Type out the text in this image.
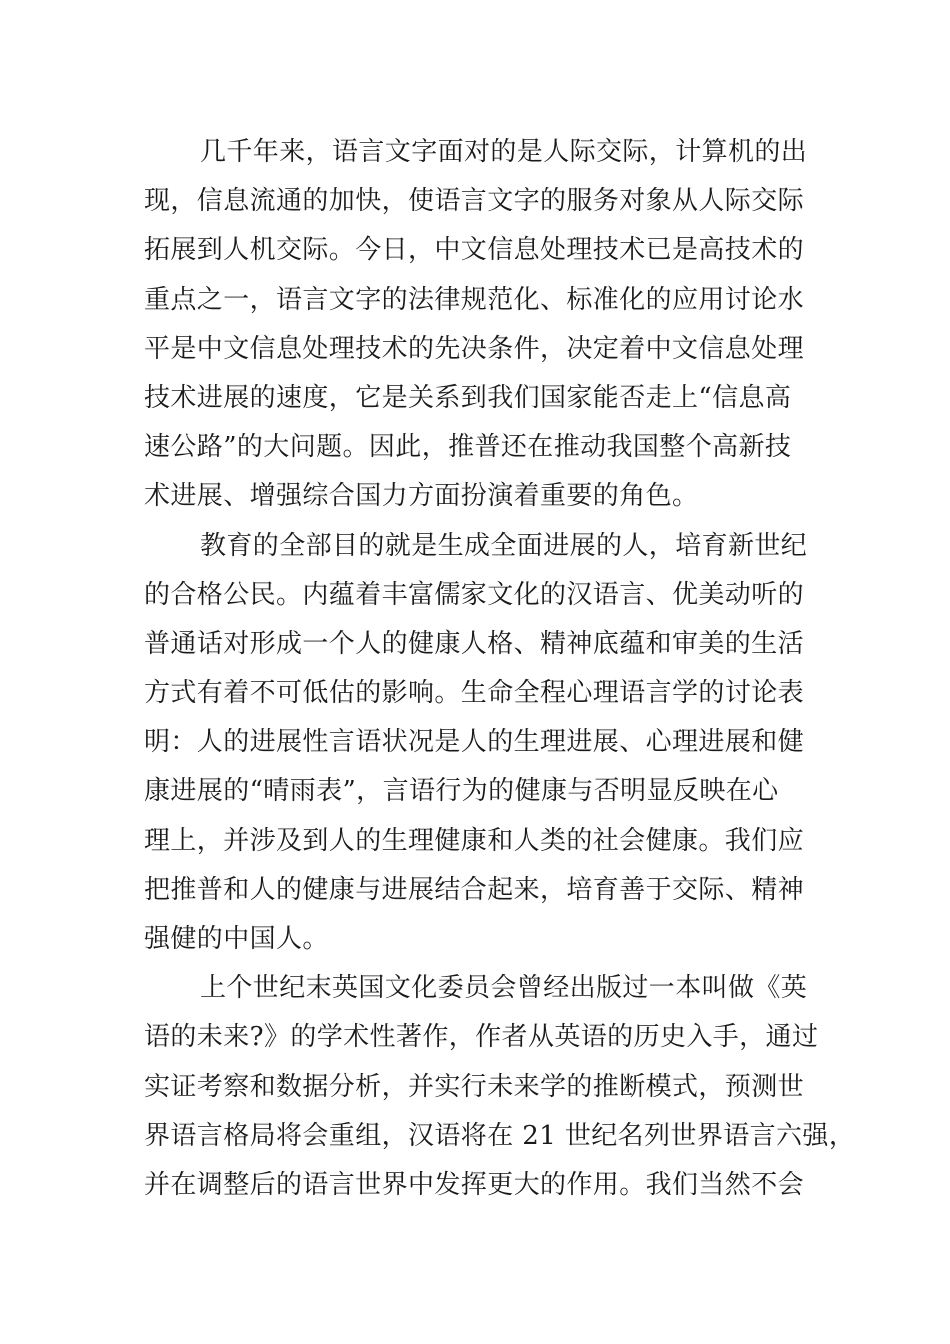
几千年来，语言文字面对的是人际交际，计算机的出
现，信息流通的加快，使语言文字的服务对象从人际交际
拓展到人机交际。今日，中文信息处理技术已是高技术的
重点之一，语言文字的法律规范化、标准化的应用讨论水
平是中文信息处理技术的先决条件，决定着中文信息处理
技术进展的速度，它是关系到我们国家能否走上“信息高
速公路”的大问题。因此，推普还在推动我国整个高新技
术进展、增强综合国力方面扮演着重要的角色。
教育的全部目的就是生成全面进展的人，培育新世纪
的合格公民。内蕴着丰富儒家文化的汉语言、优美动听的
普通话对形成一个人的健康人格、精神底蕴和审美的生活
方式有着不可低估的影响。生命全程心理语言学的讨论表
明：人的进展性言语状况是人的生理进展、心理进展和健
康进展的“晴雨表”，言语行为的健康与否明显反映在心
理上，并涉及到人的生理健康和人类的社会健康。我们应
把推普和人的健康与进展结合起来，培育善于交际、精神
强健的中国人。
上个世纪末英国文化委员会曾经出版过一本叫做《英
语的未来?》的学术性著作，作者从英语的历史入手，通过
实证考察和数据分析，并实行未来学的推断模式，预测世
界语言格局将会重组，汉语将在 21 世纪名列世界语言六强，
并在调整后的语言世界中发挥更大的作用。我们当然不会
